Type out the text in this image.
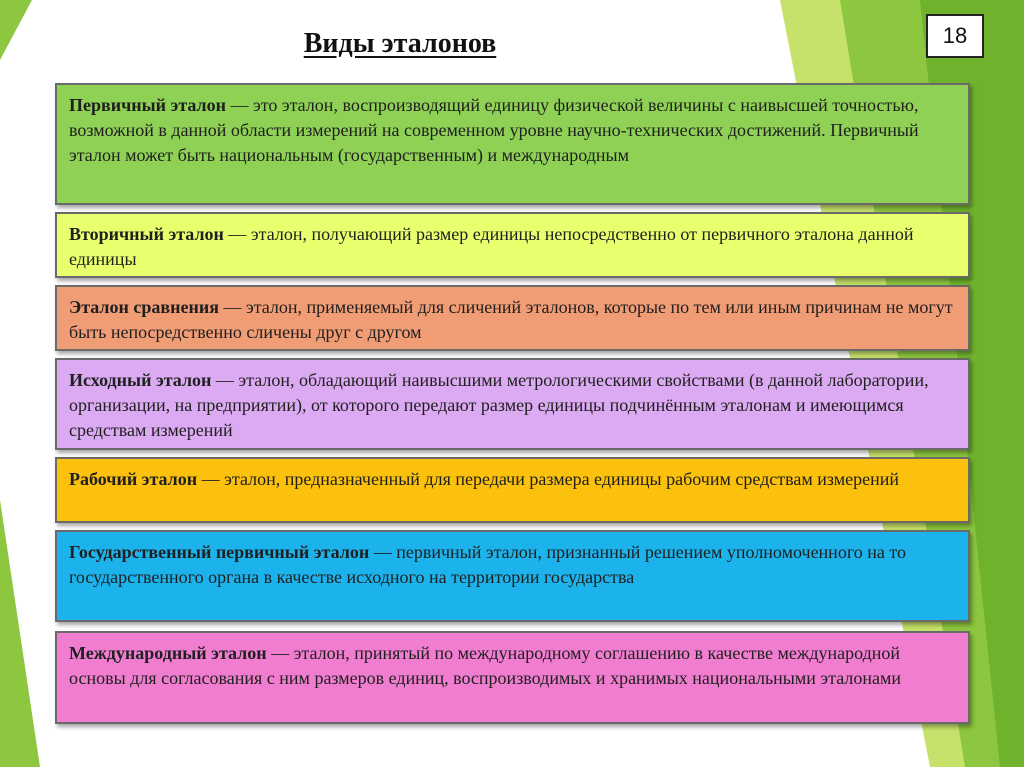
Виды эталонов	18
Первичный эталон — это эталон, воспроизводящий единицу физической величины с наивысшей точностью, возможной в данной области измерений на современном уровне научно-технических достижений. Первичный эталон может быть национальным (государственным) и международным
Вторичный эталон — эталон, получающий размер единицы непосредственно от первичного эталона данной единицы
Эталон сравнения — эталон, применяемый для сличений эталонов, которые по тем или иным причинам не могут быть непосредственно сличены друг с другом
Исходный эталон — эталон, обладающий наивысшими метрологическими свойствами (в данной лаборатории, организации, на предприятии), от которого передают размер единицы подчинённым эталонам и имеющимся средствам измерений
Рабочий эталон — эталон, предназначенный для передачи размера единицы рабочим средствам измерений
Государственный первичный эталон — первичный эталон, признанный решением уполномоченного на то государственного органа в качестве исходного на территории государства
Международный эталон — эталон, принятый по международному соглашению в качестве международной основы для согласования с ним размеров единиц, воспроизводимых и хранимых национальными эталонами
